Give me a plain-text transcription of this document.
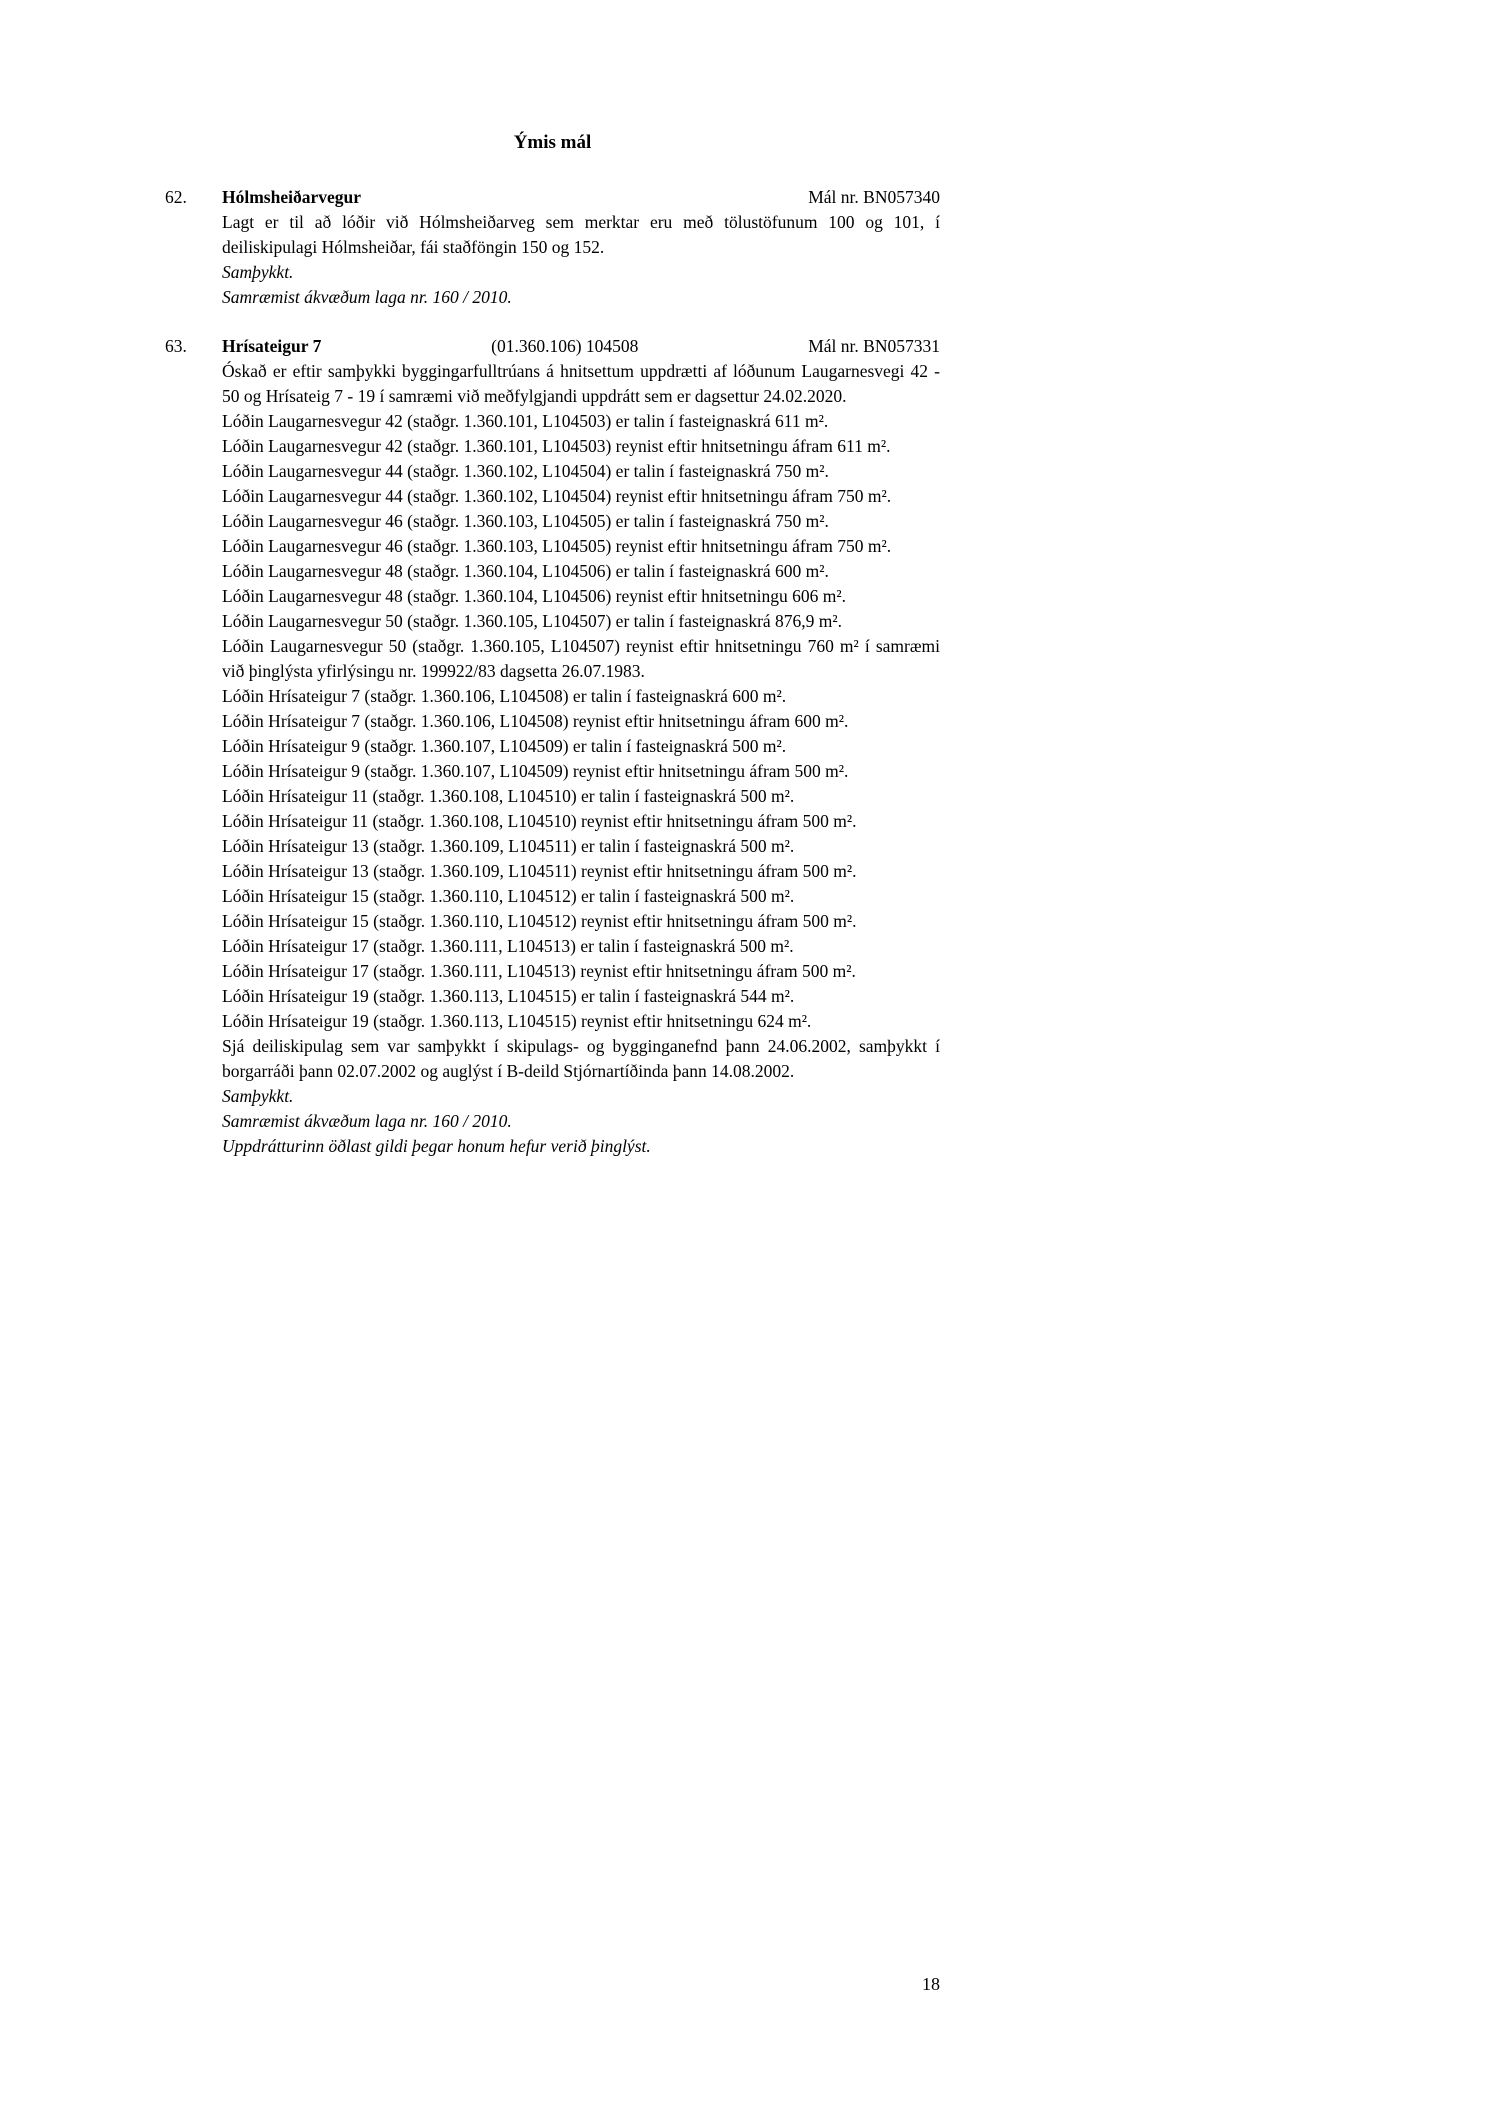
Ýmis mál
62.	Hólmsheiðarvegur	Mál nr. BN057340

Lagt er til að lóðir við Hólmsheiðarveg sem merktar eru með tölustöfunum 100 og 101, í deiliskipulagi Hólmsheiðar, fái staðföngin 150 og 152.

Samþykkt.

Samræmist ákvæðum laga nr. 160 / 2010.

63.	Hrísateigur 7	(01.360.106) 104508	Mál nr. BN057331

Óskað er eftir samþykki byggingarfulltrúans á hnitsettum uppdrætti af lóðunum Laugarnesvegi 42 - 50 og Hrísateig 7 - 19 í samræmi við meðfylgjandi uppdrátt sem er dagsettur 24.02.2020.

Lóðin Laugarnesvegur 42 (staðgr. 1.360.101, L104503) er talin í fasteignaskrá 611 m².

Lóðin Laugarnesvegur 42 (staðgr. 1.360.101, L104503) reynist eftir hnitsetningu áfram 611 m².

Lóðin Laugarnesvegur 44 (staðgr. 1.360.102, L104504) er talin í fasteignaskrá 750 m².

Lóðin Laugarnesvegur 44 (staðgr. 1.360.102, L104504) reynist eftir hnitsetningu áfram 750 m².

Lóðin Laugarnesvegur 46 (staðgr. 1.360.103, L104505) er talin í fasteignaskrá 750 m².

Lóðin Laugarnesvegur 46 (staðgr. 1.360.103, L104505) reynist eftir hnitsetningu áfram 750 m².

Lóðin Laugarnesvegur 48 (staðgr. 1.360.104, L104506) er talin í fasteignaskrá 600 m².

Lóðin Laugarnesvegur 48 (staðgr. 1.360.104, L104506) reynist eftir hnitsetningu 606 m².

Lóðin Laugarnesvegur 50 (staðgr. 1.360.105, L104507) er talin í fasteignaskrá 876,9 m².

Lóðin Laugarnesvegur 50 (staðgr. 1.360.105, L104507) reynist eftir hnitsetningu 760 m² í samræmi við þinglýsta yfirlýsingu nr. 199922/83 dagsetta 26.07.1983.

Lóðin Hrísateigur 7 (staðgr. 1.360.106, L104508) er talin í fasteignaskrá 600 m².

Lóðin Hrísateigur 7 (staðgr. 1.360.106, L104508) reynist eftir hnitsetningu áfram 600 m².

Lóðin Hrísateigur 9 (staðgr. 1.360.107, L104509) er talin í fasteignaskrá 500 m².

Lóðin Hrísateigur 9 (staðgr. 1.360.107, L104509) reynist eftir hnitsetningu áfram 500 m².

Lóðin Hrísateigur 11 (staðgr. 1.360.108, L104510) er talin í fasteignaskrá 500 m².

Lóðin Hrísateigur 11 (staðgr. 1.360.108, L104510) reynist eftir hnitsetningu áfram 500 m².

Lóðin Hrísateigur 13 (staðgr. 1.360.109, L104511) er talin í fasteignaskrá 500 m².

Lóðin Hrísateigur 13 (staðgr. 1.360.109, L104511) reynist eftir hnitsetningu áfram 500 m².

Lóðin Hrísateigur 15 (staðgr. 1.360.110, L104512) er talin í fasteignaskrá 500 m².

Lóðin Hrísateigur 15 (staðgr. 1.360.110, L104512) reynist eftir hnitsetningu áfram 500 m².

Lóðin Hrísateigur 17 (staðgr. 1.360.111, L104513) er talin í fasteignaskrá 500 m².

Lóðin Hrísateigur 17 (staðgr. 1.360.111, L104513) reynist eftir hnitsetningu áfram 500 m².

Lóðin Hrísateigur 19 (staðgr. 1.360.113, L104515) er talin í fasteignaskrá 544 m².

Lóðin Hrísateigur 19 (staðgr. 1.360.113, L104515) reynist eftir hnitsetningu 624 m².

Sjá deiliskipulag sem var samþykkt í skipulags- og bygginganefnd þann 24.06.2002, samþykkt í borgarráði þann 02.07.2002 og auglýst í B-deild Stjórnartíðinda þann 14.08.2002.

Samþykkt.

Samræmist ákvæðum laga nr. 160 / 2010.

Uppdrátturinn öðlast gildi þegar honum hefur verið þinglýst.

18
